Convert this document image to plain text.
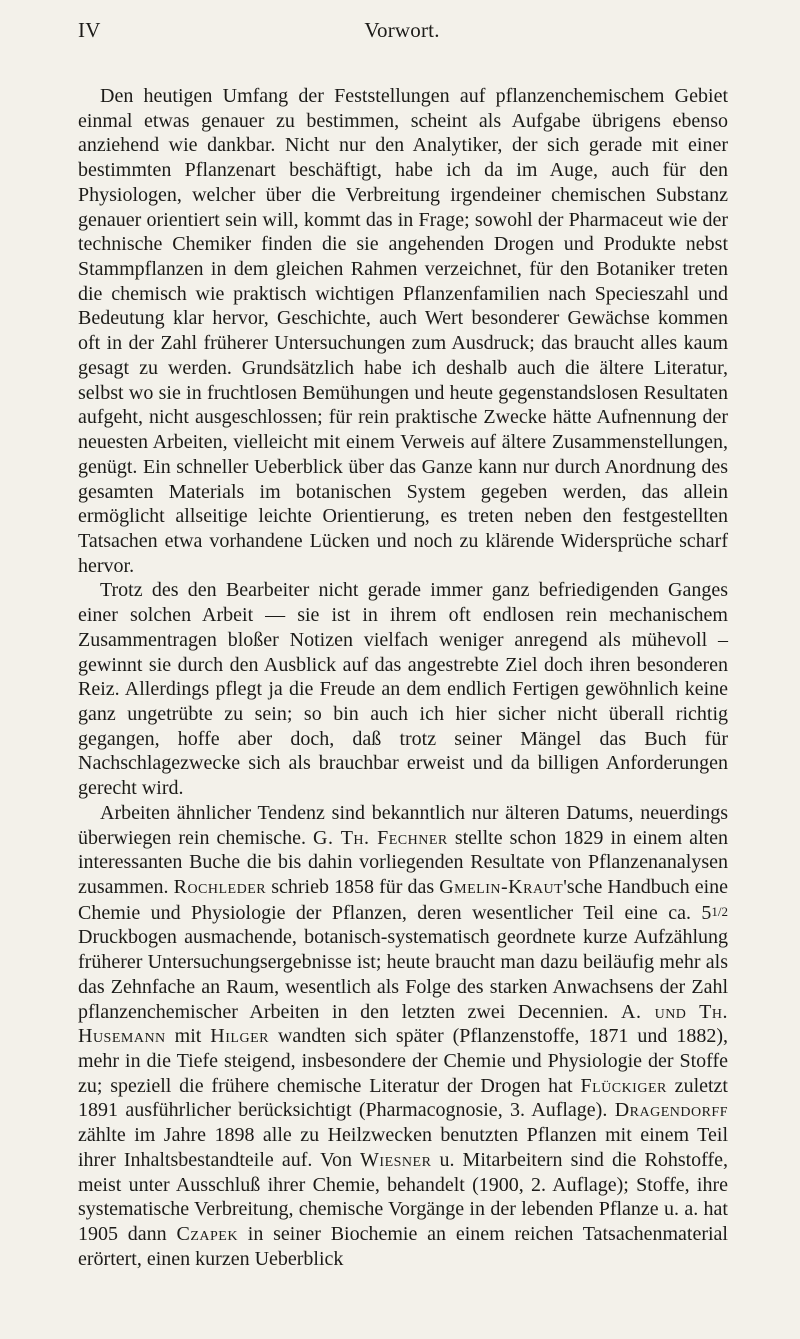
IV	Vorwort.

Den heutigen Umfang der Feststellungen auf pflanzenchemischem Gebiet einmal etwas genauer zu bestimmen, scheint als Aufgabe übrigens ebenso anziehend wie dankbar. Nicht nur den Analytiker, der sich gerade mit einer bestimmten Pflanzenart beschäftigt, habe ich da im Auge, auch für den Physiologen, welcher über die Verbreitung irgendeiner chemischen Substanz genauer orientiert sein will, kommt das in Frage; sowohl der Pharmaceut wie der technische Chemiker finden die sie angehenden Drogen und Produkte nebst Stammpflanzen in dem gleichen Rahmen verzeichnet, für den Botaniker treten die chemisch wie praktisch wichtigen Pflanzenfamilien nach Specieszahl und Bedeutung klar hervor, Geschichte, auch Wert besonderer Gewächse kommen oft in der Zahl früherer Untersuchungen zum Ausdruck; das braucht alles kaum gesagt zu werden. Grundsätzlich habe ich deshalb auch die ältere Literatur, selbst wo sie in fruchtlosen Bemühungen und heute gegenstandslosen Resultaten aufgeht, nicht ausgeschlossen; für rein praktische Zwecke hätte Aufnennung der neuesten Arbeiten, vielleicht mit einem Verweis auf ältere Zusammenstellungen, genügt. Ein schneller Ueberblick über das Ganze kann nur durch Anordnung des gesamten Materials im botanischen System gegeben werden, das allein ermöglicht allseitige leichte Orientierung, es treten neben den festgestellten Tatsachen etwa vorhandene Lücken und noch zu klärende Widersprüche scharf hervor.

Trotz des den Bearbeiter nicht gerade immer ganz befriedigenden Ganges einer solchen Arbeit — sie ist in ihrem oft endlosen rein mechanischem Zusammentragen bloßer Notizen vielfach weniger anregend als mühevoll – gewinnt sie durch den Ausblick auf das angestrebte Ziel doch ihren besonderen Reiz. Allerdings pflegt ja die Freude an dem endlich Fertigen gewöhnlich keine ganz ungetrübte zu sein; so bin auch ich hier sicher nicht überall richtig gegangen, hoffe aber doch, daß trotz seiner Mängel das Buch für Nachschlagezwecke sich als brauchbar erweist und da billigen Anforderungen gerecht wird.

Arbeiten ähnlicher Tendenz sind bekanntlich nur älteren Datums, neuerdings überwiegen rein chemische. G. Th. Fechner stellte schon 1829 in einem alten interessanten Buche die bis dahin vorliegenden Resultate von Pflanzenanalysen zusammen. Rochleder schrieb 1858 für das Gmelin-Kraut'sche Handbuch eine Chemie und Physiologie der Pflanzen, deren wesentlicher Teil eine ca. 51/2 Druckbogen ausmachende, botanisch-systematisch geordnete kurze Aufzählung früherer Untersuchungsergebnisse ist; heute braucht man dazu beiläufig mehr als das Zehnfache an Raum, wesentlich als Folge des starken Anwachsens der Zahl pflanzenchemischer Arbeiten in den letzten zwei Decennien. A. und Th. Husemann mit Hilger wandten sich später (Pflanzenstoffe, 1871 und 1882), mehr in die Tiefe steigend, insbesondere der Chemie und Physiologie der Stoffe zu; speziell die frühere chemische Literatur der Drogen hat Flückiger zuletzt 1891 ausführlicher berücksichtigt (Pharmacognosie, 3. Auflage). Dragendorff zählte im Jahre 1898 alle zu Heilzwecken benutzten Pflanzen mit einem Teil ihrer Inhaltsbestandteile auf. Von Wiesner u. Mitarbeitern sind die Rohstoffe, meist unter Ausschluß ihrer Chemie, behandelt (1900, 2. Auflage); Stoffe, ihre systematische Verbreitung, chemische Vorgänge in der lebenden Pflanze u. a. hat 1905 dann Czapek in seiner Biochemie an einem reichen Tatsachenmaterial erörtert, einen kurzen Ueberblick
